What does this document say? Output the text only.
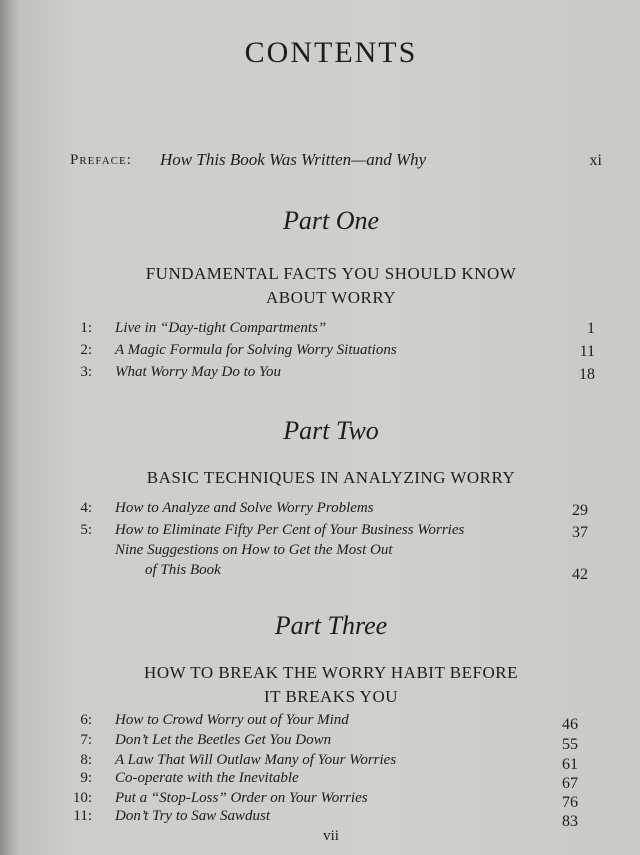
CONTENTS
Preface: How This Book Was Written—and Why	xi
Part One
FUNDAMENTAL FACTS YOU SHOULD KNOW
ABOUT WORRY
1: Live in “Day-tight Compartments”	1
2: A Magic Formula for Solving Worry Situations	11
3: What Worry May Do to You	18
Part Two
BASIC TECHNIQUES IN ANALYZING WORRY
4: How to Analyze and Solve Worry Problems	29
5: How to Eliminate Fifty Per Cent of Your Business Worries	37
Nine Suggestions on How to Get the Most Out
of This Book	42
Part Three
HOW TO BREAK THE WORRY HABIT BEFORE
IT BREAKS YOU
6: How to Crowd Worry out of Your Mind	46
7: Don’t Let the Beetles Get You Down	55
8: A Law That Will Outlaw Many of Your Worries	61
9: Co-operate with the Inevitable	67
10: Put a “Stop-Loss” Order on Your Worries	76
11: Don’t Try to Saw Sawdust	83
vii
